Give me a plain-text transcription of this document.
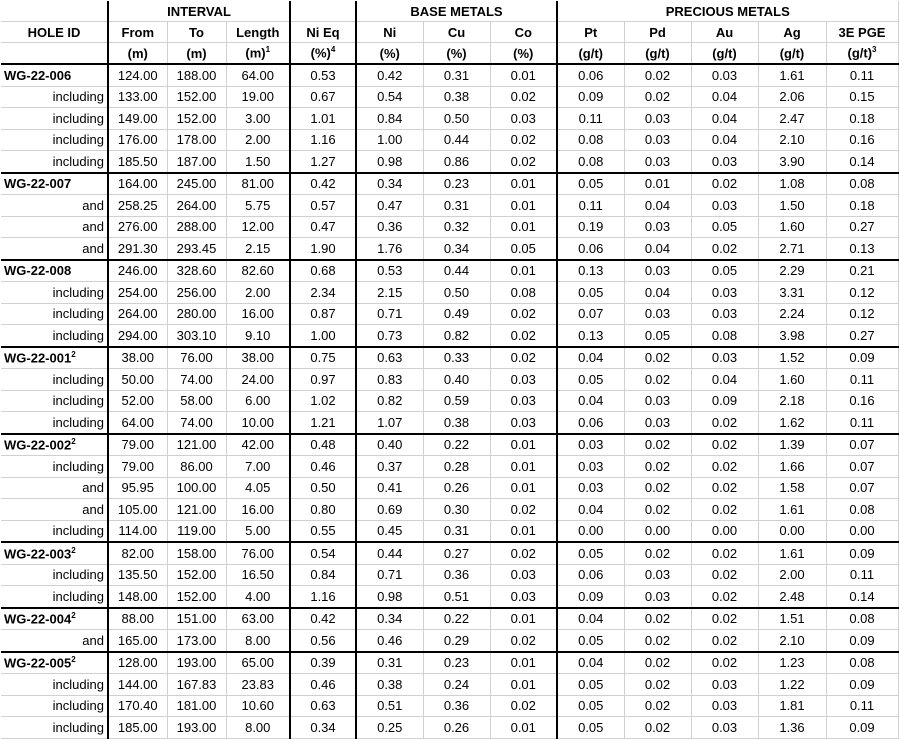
	INTERVAL				BASE METALS			PRECIOUS METALS				
HOLE ID	From	To	Length	Ni Eq	Ni	Cu	Co	Pt	Pd	Au	Ag	3E PGE
	(m)	(m)	$(m)^1$	(%)$^4$	(%)	(%)	(%)	(g/t)	(g/t)	(g/t)	(g/t)	$(g/t)^3$
WG-22-006	124.00	188.00	64.00	0.53	0.42	0.31	0.01	0.06	0.02	0.03	1.61	0.11
including	133.00	152.00	19.00	0.67	0.54	0.38	0.02	0.09	0.02	0.04	2.06	0.15
including	149.00	152.00	3.00	1.01	0.84	0.50	0.03	0.11	0.03	0.04	2.47	0.18
including	176.00	178.00	2.00	1.16	1.00	0.44	0.02	0.08	0.03	0.04	2.10	0.16
including	185.50	187.00	1.50	1.27	0.98	0.86	0.02	0.08	0.03	0.03	3.90	0.14
WG-22-007	164.00	245.00	81.00	0.42	0.34	0.23	0.01	0.05	0.01	0.02	1.08	0.08
and	258.25	264.00	5.75	0.57	0.47	0.31	0.01	0.11	0.04	0.03	1.50	0.18
and	276.00	288.00	12.00	0.47	0.36	0.32	0.01	0.19	0.03	0.05	1.60	0.27
and	291.30	293.45	2.15	1.90	1.76	0.34	0.05	0.06	0.04	0.02	2.71	0.13
WG-22-008	246.00	328.60	82.60	0.68	0.53	0.44	0.01	0.13	0.03	0.05	2.29	0.21
including	254.00	256.00	2.00	2.34	2.15	0.50	0.08	0.05	0.04	0.03	3.31	0.12
including	264.00	280.00	16.00	0.87	0.71	0.49	0.02	0.07	0.03	0.03	2.24	0.12
including	294.00	303.10	9.10	1.00	0.73	0.82	0.02	0.13	0.05	0.08	3.98	0.27
$WG-22-001^2$	38.00	76.00	38.00	0.75	0.63	0.33	0.02	0.04	0.02	0.03	1.52	0.09
including	50.00	74.00	24.00	0.97	0.83	0.40	0.03	0.05	0.02	0.04	1.60	0.11
including	52.00	58.00	6.00	1.02	0.82	0.59	0.03	0.04	0.03	0.09	2.18	0.16
including	64.00	74.00	10.00	1.21	1.07	0.38	0.03	0.06	0.03	0.02	1.62	0.11
$WG-22-002^2$	79.00	121.00	42.00	0.48	0.40	0.22	0.01	0.03	0.02	0.02	1.39	0.07
including	79.00	86.00	7.00	0.46	0.37	0.28	0.01	0.03	0.02	0.02	1.66	0.07
and	95.95	100.00	4.05	0.50	0.41	0.26	0.01	0.03	0.02	0.02	1.58	0.07
and	105.00	121.00	16.00	0.80	0.69	0.30	0.02	0.04	0.02	0.02	1.61	0.08
including	114.00	119.00	5.00	0.55	0.45	0.31	0.01	0.00	0.00	0.00	0.00	0.00
$WG-22-003^2$	82.00	158.00	76.00	0.54	0.44	0.27	0.02	0.05	0.02	0.02	1.61	0.09
including	135.50	152.00	16.50	0.84	0.71	0.36	0.03	0.06	0.03	0.02	2.00	0.11
including	148.00	152.00	4.00	1.16	0.98	0.51	0.03	0.09	0.03	0.02	2.48	0.14
$WG-22-004^2$	88.00	151.00	63.00	0.42	0.34	0.22	0.01	0.04	0.02	0.02	1.51	0.08
and	165.00	173.00	8.00	0.56	0.46	0.29	0.02	0.05	0.02	0.02	2.10	0.09
$WG-22-005^2$	128.00	193.00	65.00	0.39	0.31	0.23	0.01	0.04	0.02	0.02	1.23	0.08
including	144.00	167.83	23.83	0.46	0.38	0.24	0.01	0.05	0.02	0.03	1.22	0.09
including	170.40	181.00	10.60	0.63	0.51	0.36	0.02	0.05	0.02	0.03	1.81	0.11
including	185.00	193.00	8.00	0.34	0.25	0.26	0.01	0.05	0.02	0.03	1.36	0.09
